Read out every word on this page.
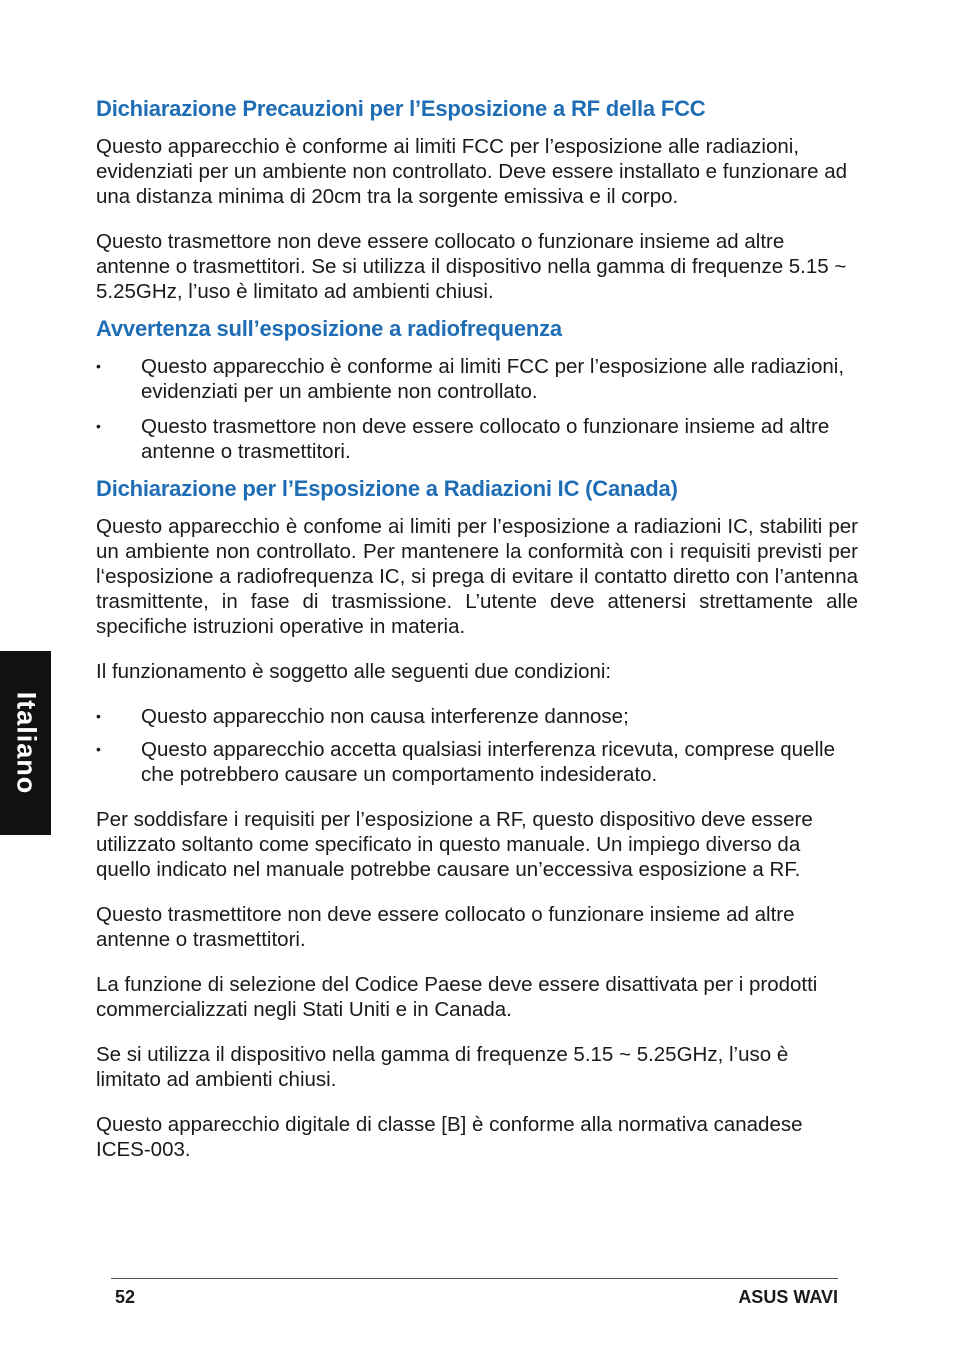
Italiano
Dichiarazione Precauzioni per l’Esposizione a RF della FCC

Questo apparecchio è conforme ai limiti FCC per l’esposizione alle radiazioni, evidenziati per un ambiente non controllato. Deve essere installato e funzionare ad una distanza minima di 20cm tra la sorgente emissiva e il corpo.

Questo trasmettore non deve essere collocato o funzionare insieme ad altre antenne o trasmettitori. Se si utilizza il dispositivo nella gamma di frequenze 5.15 ~ 5.25GHz, l’uso è limitato ad ambienti chiusi.

Avvertenza sull’esposizione a radiofrequenza
•	Questo apparecchio è conforme ai limiti FCC per l’esposizione alle radiazioni, evidenziati per un ambiente non controllato.
•	Questo trasmettore non deve essere collocato o funzionare insieme ad altre antenne o trasmettitori.
Dichiarazione per l’Esposizione a Radiazioni IC (Canada)

Questo apparecchio è confome ai limiti per l’esposizione a radiazioni IC, stabiliti per un ambiente non controllato. Per mantenere la conformità con i requisiti previsti per l‘esposizione a radiofrequenza IC, si prega di evitare il contatto diretto con l’antenna trasmittente, in fase di trasmissione. L’utente deve attenersi strettamente alle specifiche istruzioni operative in materia.

Il funzionamento è soggetto alle seguenti due condizioni:

•	Questo apparecchio non causa interferenze dannose;
•	Questo apparecchio accetta qualsiasi interferenza ricevuta, comprese quelle che potrebbero causare un comportamento indesiderato.

Per soddisfare i requisiti per l’esposizione a RF, questo dispositivo deve essere utilizzato soltanto come specificato in questo manuale. Un impiego diverso da quello indicato nel manuale potrebbe causare un’eccessiva esposizione a RF.

Questo trasmettitore non deve essere collocato o funzionare insieme ad altre antenne o trasmettitori.

La funzione di selezione del Codice Paese deve essere disattivata per i prodotti commercializzati negli Stati Uniti e in Canada.

Se si utilizza il dispositivo nella gamma di frequenze 5.15 ~ 5.25GHz, l’uso è limitato ad ambienti chiusi.

Questo apparecchio digitale di classe [B] è conforme alla normativa canadese ICES-003.

52	ASUS WAVI
